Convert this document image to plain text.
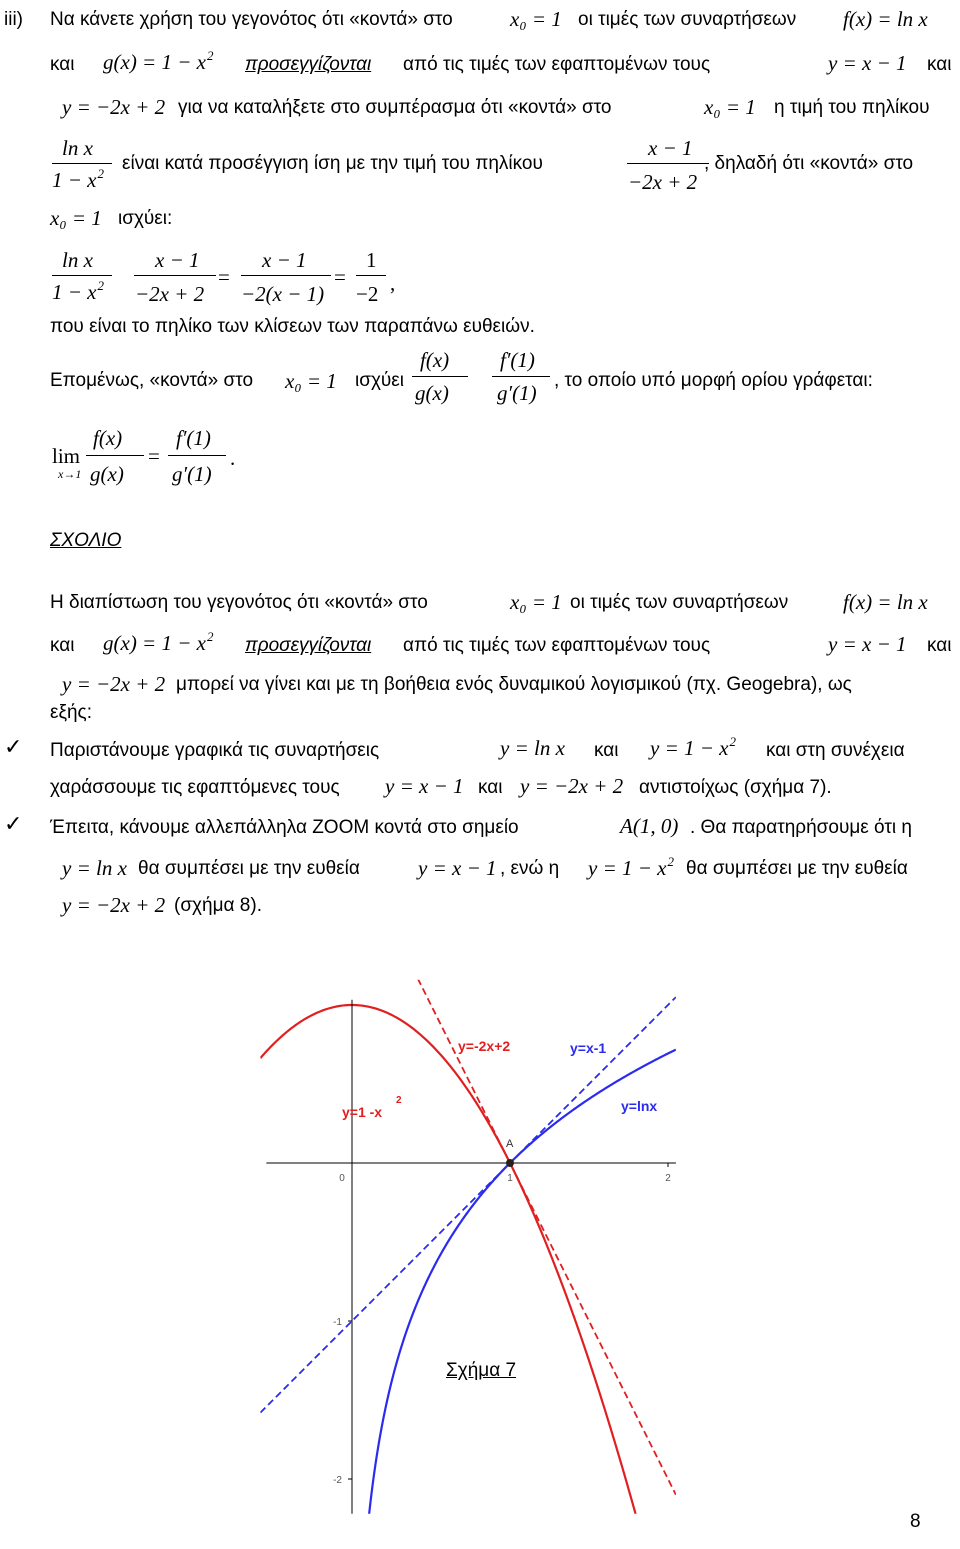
iii) Να κάνετε χρήση του γεγονότος ότι «κοντά» στο	x₀ = 1 οι τιμές των συναρτήσεων f(x) = ln x
και $g(x) = 1 - x^2$ προσεγγίζονται από τις τιμές των εφαπτομένων τους	y = x − 1 και
y = −2x + 2 για να καταλήξετε στο συμπέρασμα ότι «κοντά» στο	x₀ = 1 η τιμή του πηλίκου
ln x
$1 - x^2$ είναι κατά προσέγγιση ίση με την τιμή του πηλίκου
x − 1
−2x + 2
, δηλαδή ότι «κοντά» στο
x₀ = 1 ισχύει:
ln x
$1 - x^2$
x − 1
−2x + 2
=
x − 1
−2(x − 1)
=
1
−2 ,
που είναι το πηλίκο των κλίσεων των παραπάνω ευθειών.
Επομένως, «κοντά» στο x₀ = 1 ισχύει
f(x)
g(x)
f′(1)
g′(1)
, το οποίο υπό μορφή ορίου γράφεται:
lim
x→1
f(x)
g(x)
=
f′(1)
g′(1)
.
ΣΧΟΛΙΟ
Η διαπίστωση του γεγονότος ότι «κοντά» στο	x₀ = 1 οι τιμές των συναρτήσεων	f(x) = ln x
και $g(x) = 1 - x^2$ προσεγγίζονται από τις τιμές των εφαπτομένων τους	y = x − 1 και
y = −2x + 2 μπορεί να γίνει και με τη βοήθεια ενός δυναμικού λογισμικού (πχ. Geogebra), ως
εξής:
✓ Παριστάνουμε γραφικά τις συναρτήσεις	y = ln x και $y = 1 - x^2$ και στη συνέχεια
χαράσσουμε τις εφαπτόμενες τους y = x − 1 και y = −2x + 2 αντιστοίχως (σχήμα 7).
✓ Έπειτα, κάνουμε αλλεπάλληλα ZOOM κοντά στο σημείο	A(1, 0) . Θα παρατηρήσουμε ότι η
y = ln x θα συμπέσει με την ευθεία	y = x − 1 , ενώ η $y = 1 - x^2$ θα συμπέσει με την ευθεία
y = −2x + 2 (σχήμα 8).
0	1	2
-1
-2
A
y=-2x+2	y=x-1
y=lnx
y=1 -x
2
Σχήμα 7
8
